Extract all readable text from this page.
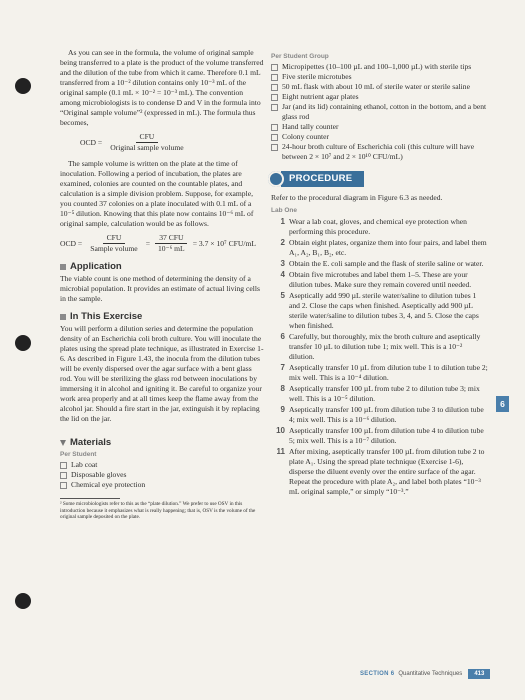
As you can see in the formula, the volume of original sample being transferred to a plate is the product of the volume transferred and the dilution of the tube from which it came. Therefore 0.1 mL transferred from a 10⁻² dilution contains only 10⁻³ mL of the original sample (0.1 mL × 10⁻² = 10⁻³ mL). The convention among microbiologists is to condense D and V in the formula into “Original sample volume”² (expressed in mL). The formula thus becomes,

OCD = $\frac{\text{CFU}}{\text{Original sample volume}}$

The sample volume is written on the plate at the time of inoculation. Following a period of incubation, the plates are examined, colonies are counted on the countable plates, and calculation is a simple division problem. Suppose, for example, you counted 37 colonies on a plate inoculated with 0.1 mL of a 10⁻⁵ dilution. Knowing that this plate now contains 10⁻⁶ mL of original sample, calculation would be as follows.

OCD = $\frac{\text{CFU}}{\text{Sample volume}} = \frac{\text{37 CFU}}{\text{10⁻⁶ mL}} = 3.7 \times 10^7$ CFU/mL
Application

The viable count is one method of determining the density of a microbial population. It provides an estimate of actual living cells in the sample.

In This Exercise

You will perform a dilution series and determine the population density of an Escherichia coli broth culture. You will inoculate the plates using the spread plate technique, as illustrated in Exercise 1-6. As described in Figure 1.43, the inocula from the dilution tubes will be evenly dispersed over the agar surface with a bent glass rod. You will be sterilizing the glass rod between inoculations by immersing it in alcohol and igniting it. Be careful to organize your work area properly and at all times keep the flame away from the alcohol jar. Should a fire start in the jar, extinguish it by replacing the lid on the jar.

Materials
Per Student
Lab coat
Disposable gloves
Chemical eye protection
² Some microbiologists refer to this as the “plate dilution.” We prefer to use OSV in this introduction because it emphasizes what is really happening; that is, OSV is the volume of the original sample deposited on the plate.
Per Student Group
Micropipettes (10–100 µL and 100–1,000 µL) with sterile tips
Five sterile microtubes
50 mL flask with about 10 mL of sterile water or sterile saline
Eight nutrient agar plates
Jar (and its lid) containing ethanol, cotton in the bottom, and a bent glass rod
Hand tally counter
Colony counter
24-hour broth culture of Escherichia coli (this culture will have between 2 × 10⁷ and 2 × 10¹⁰ CFU/mL)
PROCEDURE

Refer to the procedural diagram in Figure 6.3 as needed.

Lab One
1 Wear a lab coat, gloves, and chemical eye protection when performing this procedure.
2 Obtain eight plates, organize them into four pairs, and label them A₁, A₂, B₁, B₂, etc.
3 Obtain the E. coli sample and the flask of sterile saline or water.
4 Obtain five microtubes and label them 1–5. These are your dilution tubes. Make sure they remain covered until needed.
5 Aseptically add 990 µL sterile water/saline to dilution tubes 1 and 2. Close the caps when finished. Aseptically add 900 µL sterile water/saline to dilution tubes 3, 4, and 5. Close the caps when finished.
6 Carefully, but thoroughly, mix the broth culture and aseptically transfer 10 µL to dilution tube 1; mix well. This is a 10⁻² dilution.
7 Aseptically transfer 10 µL from dilution tube 1 to dilution tube 2; mix well. This is a 10⁻⁴ dilution.
8 Aseptically transfer 100 µL from tube 2 to dilution tube 3; mix well. This is a 10⁻⁵ dilution.
9 Aseptically transfer 100 µL from dilution tube 3 to dilution tube 4; mix well. This is a 10⁻⁶ dilution.
10 Aseptically transfer 100 µL from dilution tube 4 to dilution tube 5; mix well. This is a 10⁻⁷ dilution.
11 After mixing, aseptically transfer 100 µL from dilution tube 2 to plate A₁. Using the spread plate technique (Exercise 1-6), disperse the diluent evenly over the entire surface of the agar. Repeat the procedure with plate A₂, and label both plates “10⁻³ mL original sample,” or simply “10⁻³.”
6
SECTION 6 Quantitative Techniques	413
